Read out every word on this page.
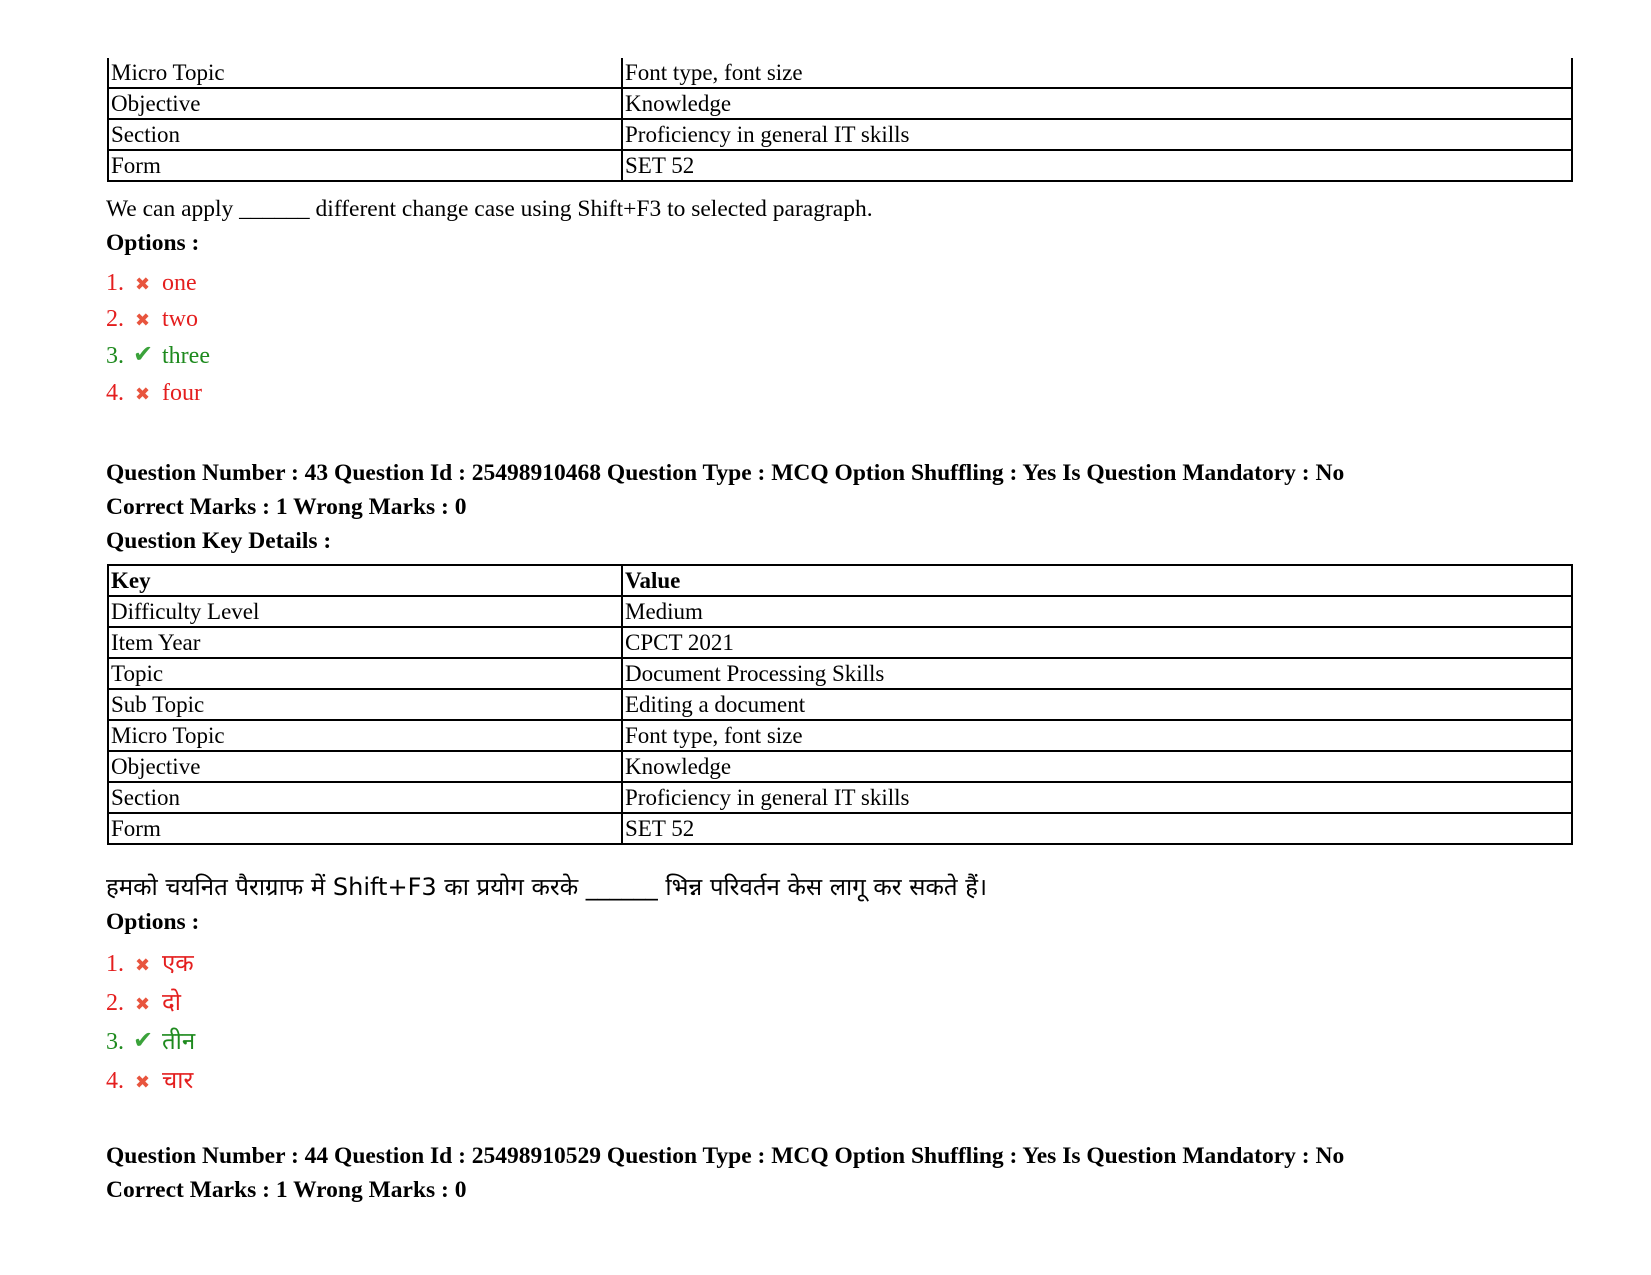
Micro Topic	Font type, font size
Objective	Knowledge
Section	Proficiency in general IT skills
Form	SET 52
We can apply ______ different change case using Shift+F3 to selected paragraph.
Options :
1. ✖ one
2. ✖ two
3. ✔ three
4. ✖ four
Question Number : 43 Question Id : 25498910468 Question Type : MCQ Option Shuffling : Yes Is Question Mandatory : No
Correct Marks : 1 Wrong Marks : 0
Question Key Details :
Key	Value
Difficulty Level	Medium
Item Year	CPCT 2021
Topic	Document Processing Skills
Sub Topic	Editing a document
Micro Topic	Font type, font size
Objective	Knowledge
Section	Proficiency in general IT skills
Form	SET 52
हमको चयनित पैराग्राफ में Shift+F3 का प्रयोग करके ______ भिन्न परिवर्तन केस लागू कर सकते हैं।
Options :
1. ✖ एक
2. ✖ दो
3. ✔ तीन
4. ✖ चार
Question Number : 44 Question Id : 25498910529 Question Type : MCQ Option Shuffling : Yes Is Question Mandatory : No
Correct Marks : 1 Wrong Marks : 0
